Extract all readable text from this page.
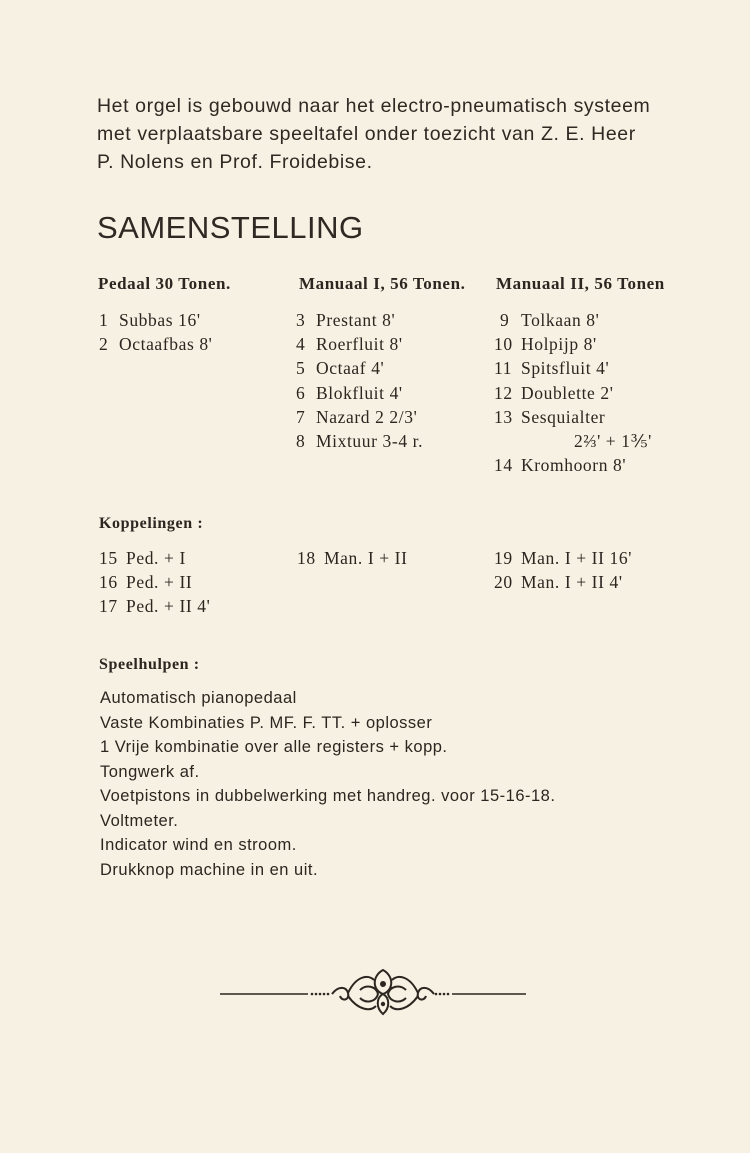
Het orgel is gebouwd naar het electro-pneumatisch systeem
met verplaatsbare speeltafel onder toezicht van Z. E. Heer
P. Nolens en Prof. Froidebise.
SAMENSTELLING
Pedaal 30 Tonen.	Manuaal I, 56 Tonen. Manuaal II, 56 Tonen
1 Subbas 16'
2 Octaafbas 8'
3 Prestant 8'
4 Roerfluit 8'
5 Octaaf 4'
6 Blokfluit 4'
7 Nazard 2 2/3'
8 Mixtuur 3-4 r.
9 Tolkaan 8'
10 Holpijp 8'
11 Spitsfluit 4'
12 Doublette 2'
13 Sesquialter
2⅔' + 1⅗'
14 Kromhoorn 8'
Koppelingen :
15 Ped. + I
16 Ped. + II
17 Ped. + II 4'
18 Man. I + II	19 Man. I + II 16'
20 Man. I + II 4'
Speelhulpen :
Automatisch pianopedaal
Vaste Kombinaties P. MF. F. TT. + oplosser
1 Vrije kombinatie over alle registers + kopp.
Tongwerk af.
Voetpistons in dubbelwerking met handreg. voor 15-16-18.
Voltmeter.
Indicator wind en stroom.
Drukknop machine in en uit.
